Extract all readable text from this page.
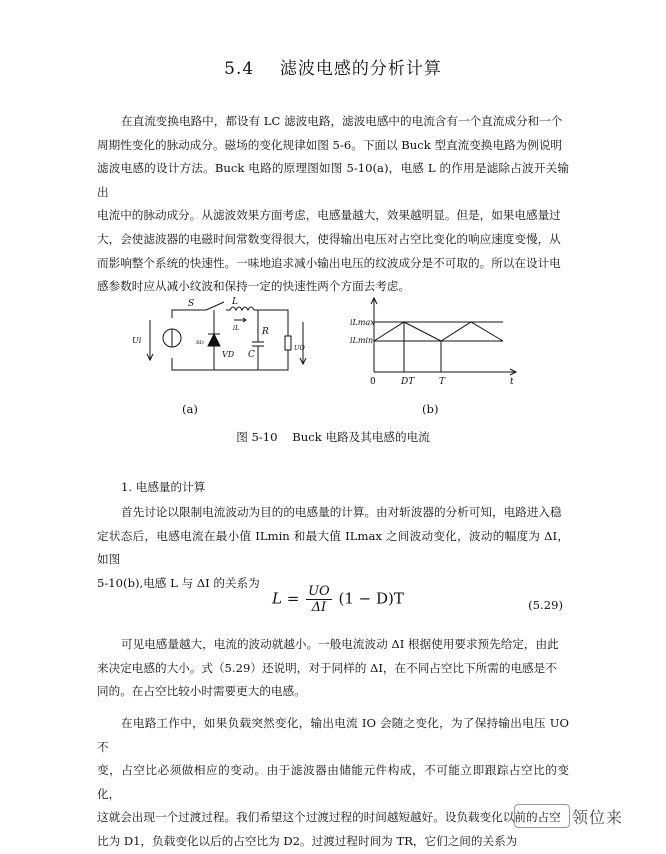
5.4 滤波电感的分析计算

在直流变换电路中，都设有 LC 滤波电路，滤波电感中的电流含有一个直流成分和一个

周期性变化的脉动成分。磁场的变化规律如图 5-6。下面以 Buck 型直流变换电路为例说明

滤波电感的设计方法。Buck 电路的原理图如图 5-10(a)，电感 L 的作用是滤除占波开关输出

电流中的脉动成分。从滤波效果方面考虑，电感量越大，效果越明显。但是，如果电感量过

大，会使滤波器的电磁时间常数变得很大，使得输出电压对占空比变化的响应速度变慢，从

而影响整个系统的快速性。一味地追求减小输出电压的纹波成分是不可取的。所以在设计电

感参数时应从减小纹波和保持一定的快速性两个方面去考虑。

S	L
iL	R
C
VD
RD
Ui
UO
iLmax
iLmin
0	DT	T	t
(a)	(b)
图 5-10    Buck 电路及其电感的电流

1. 电感量的计算

首先讨论以限制电流波动为目的的电感量的计算。由对斩波器的分析可知，电路进入稳

定状态后，电感电流在最小值 ILmin 和最大值 ILmax 之间波动变化，波动的幅度为 ΔI，如图

5-10(b),电感 L 与 ΔI 的关系为

$L = \frac{UO}{\Delta I} (1 - D)T$	(5.29)

可见电感量越大，电流的波动就越小。一般电流波动 ΔI 根据使用要求预先给定，由此

来决定电感的大小。式（5.29）还说明，对于同样的 ΔI，在不同占空比下所需的电感是不

同的。在占空比较小时需要更大的电感。

在电路工作中，如果负载突然变化，输出电流 IO 会随之变化，为了保持输出电压 UO 不

变，占空比必须做相应的变动。由于滤波器由储能元件构成，不可能立即跟踪占空比的变化，

这就会出现一个过渡过程。我们希望这个过渡过程的时间越短越好。设负载变化以前的占空

比为 D1，负载变化以后的占空比为 D2。过渡过程时间为 TR，它们之间的关系为

领位来
